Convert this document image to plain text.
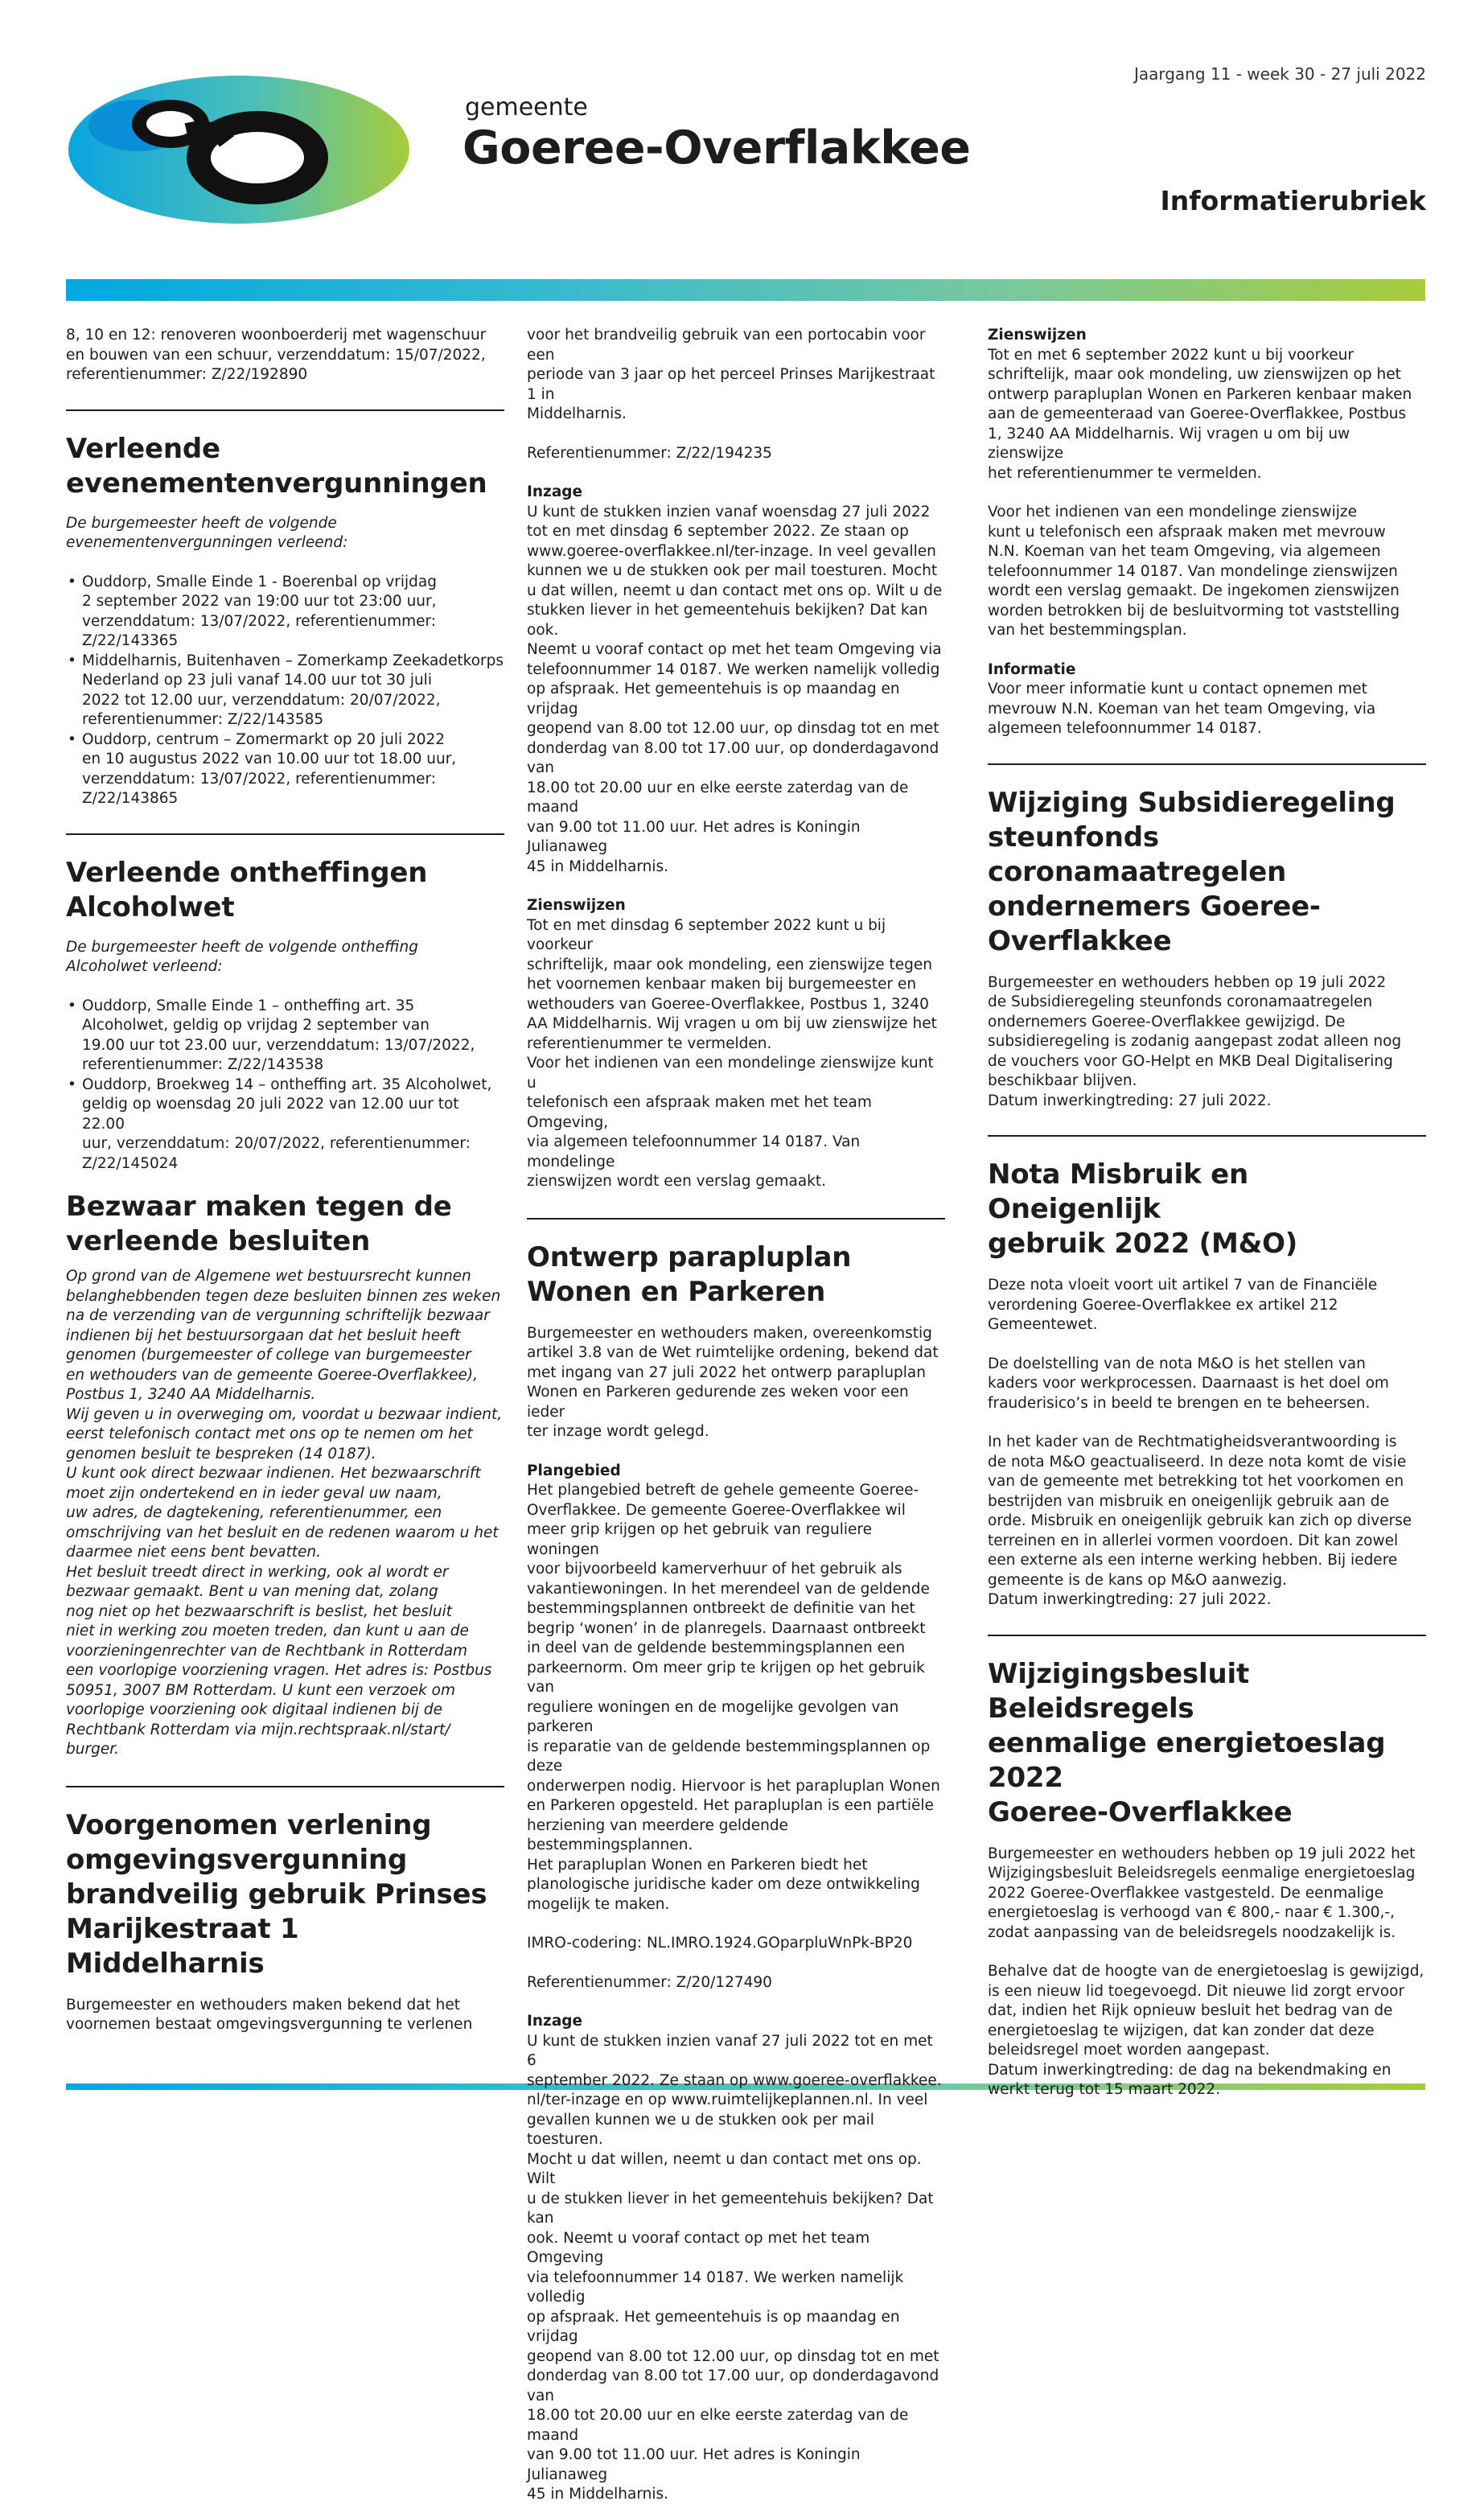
gemeente
Goeree-Overflakkee
Jaargang 11 - week 30 - 27 juli 2022
Informatierubriek

8, 10 en 12: renoveren woonboerderij met wagenschuur

en bouwen van een schuur, verzenddatum: 15/07/2022,

referentienummer: Z/22/192890

Verleende
evenementenvergunningen

De burgemeester heeft de volgende

evenementenvergunningen verleend:

• Ouddorp, Smalle Einde 1 - Boerenbal op vrijdag
2 september 2022 van 19:00 uur tot 23:00 uur,
verzenddatum: 13/07/2022, referentienummer:
Z/22/143365
• Middelharnis, Buitenhaven – Zomerkamp Zeekadetkorps
Nederland op 23 juli vanaf 14.00 uur tot 30 juli
2022 tot 12.00 uur, verzenddatum: 20/07/2022,
referentienummer: Z/22/143585
• Ouddorp, centrum – Zomermarkt op 20 juli 2022
en 10 augustus 2022 van 10.00 uur tot 18.00 uur,
verzenddatum: 13/07/2022, referentienummer:
Z/22/143865
Verleende ontheffingen
Alcoholwet

De burgemeester heeft de volgende ontheffing

Alcoholwet verleend:

• Ouddorp, Smalle Einde 1 – ontheffing art. 35
Alcoholwet, geldig op vrijdag 2 september van
19.00 uur tot 23.00 uur, verzenddatum: 13/07/2022,
referentienummer: Z/22/143538
• Ouddorp, Broekweg 14 – ontheffing art. 35 Alcoholwet,
geldig op woensdag 20 juli 2022 van 12.00 uur tot 22.00
uur, verzenddatum: 20/07/2022, referentienummer:
Z/22/145024
Bezwaar maken tegen de
verleende besluiten

Op grond van de Algemene wet bestuursrecht kunnen

belanghebbenden tegen deze besluiten binnen zes weken

na de verzending van de vergunning schriftelijk bezwaar

indienen bij het bestuursorgaan dat het besluit heeft

genomen (burgemeester of college van burgemeester

en wethouders van de gemeente Goeree-Overflakkee),

Postbus 1, 3240 AA Middelharnis.

Wij geven u in overweging om, voordat u bezwaar indient,

eerst telefonisch contact met ons op te nemen om het

genomen besluit te bespreken (14 0187).

U kunt ook direct bezwaar indienen. Het bezwaarschrift

moet zijn ondertekend en in ieder geval uw naam,

uw adres, de dagtekening, referentienummer, een

omschrijving van het besluit en de redenen waarom u het

daarmee niet eens bent bevatten.

Het besluit treedt direct in werking, ook al wordt er

bezwaar gemaakt. Bent u van mening dat, zolang

nog niet op het bezwaarschrift is beslist, het besluit

niet in werking zou moeten treden, dan kunt u aan de

voorzieningenrechter van de Rechtbank in Rotterdam

een voorlopige voorziening vragen. Het adres is: Postbus

50951, 3007 BM Rotterdam. U kunt een verzoek om

voorlopige voorziening ook digitaal indienen bij de

Rechtbank Rotterdam via mijn.rechtspraak.nl/start/

burger.

Voorgenomen verlening
omgevingsvergunning
brandveilig gebruik Prinses
Marijkestraat 1 Middelharnis

Burgemeester en wethouders maken bekend dat het

voornemen bestaat omgevingsvergunning te verlenen

voor het brandveilig gebruik van een portocabin voor een

periode van 3 jaar op het perceel Prinses Marijkestraat 1 in

Middelharnis.

Referentienummer: Z/22/194235

Inzage

U kunt de stukken inzien vanaf woensdag 27 juli 2022

tot en met dinsdag 6 september 2022. Ze staan op

www.goeree-overflakkee.nl/ter-inzage. In veel gevallen

kunnen we u de stukken ook per mail toesturen. Mocht

u dat willen, neemt u dan contact met ons op. Wilt u de

stukken liever in het gemeentehuis bekijken? Dat kan ook.

Neemt u vooraf contact op met het team Omgeving via

telefoonnummer 14 0187. We werken namelijk volledig

op afspraak. Het gemeentehuis is op maandag en vrijdag

geopend van 8.00 tot 12.00 uur, op dinsdag tot en met

donderdag van 8.00 tot 17.00 uur, op donderdagavond van

18.00 tot 20.00 uur en elke eerste zaterdag van de maand

van 9.00 tot 11.00 uur. Het adres is Koningin Julianaweg

45 in Middelharnis.

Zienswijzen

Tot en met dinsdag 6 september 2022 kunt u bij voorkeur

schriftelijk, maar ook mondeling, een zienswijze tegen

het voornemen kenbaar maken bij burgemeester en

wethouders van Goeree-Overflakkee, Postbus 1, 3240

AA Middelharnis. Wij vragen u om bij uw zienswijze het

referentienummer te vermelden.

Voor het indienen van een mondelinge zienswijze kunt u

telefonisch een afspraak maken met het team Omgeving,

via algemeen telefoonnummer 14 0187. Van mondelinge

zienswijzen wordt een verslag gemaakt.

Ontwerp parapluplan
Wonen en Parkeren

Burgemeester en wethouders maken, overeenkomstig

artikel 3.8 van de Wet ruimtelijke ordening, bekend dat

met ingang van 27 juli 2022 het ontwerp parapluplan

Wonen en Parkeren gedurende zes weken voor een ieder

ter inzage wordt gelegd.

Plangebied

Het plangebied betreft de gehele gemeente Goeree-

Overflakkee. De gemeente Goeree-Overflakkee wil

meer grip krijgen op het gebruik van reguliere woningen

voor bijvoorbeeld kamerverhuur of het gebruik als

vakantiewoningen. In het merendeel van de geldende

bestemmingsplannen ontbreekt de definitie van het

begrip ‘wonen’ in de planregels. Daarnaast ontbreekt

in deel van de geldende bestemmingsplannen een

parkeernorm. Om meer grip te krijgen op het gebruik van

reguliere woningen en de mogelijke gevolgen van parkeren

is reparatie van de geldende bestemmingsplannen op deze

onderwerpen nodig. Hiervoor is het parapluplan Wonen

en Parkeren opgesteld. Het parapluplan is een partiële

herziening van meerdere geldende bestemmingsplannen.

Het parapluplan Wonen en Parkeren biedt het

planologische juridische kader om deze ontwikkeling

mogelijk te maken.

IMRO-codering: NL.IMRO.1924.GOparpluWnPk-BP20

Referentienummer: Z/20/127490

Inzage

U kunt de stukken inzien vanaf 27 juli 2022 tot en met 6

september 2022. Ze staan op www.goeree-overflakkee.

nl/ter-inzage en op www.ruimtelijkeplannen.nl. In veel

gevallen kunnen we u de stukken ook per mail toesturen.

Mocht u dat willen, neemt u dan contact met ons op. Wilt

u de stukken liever in het gemeentehuis bekijken? Dat kan

ook. Neemt u vooraf contact op met het team Omgeving

via telefoonnummer 14 0187. We werken namelijk volledig

op afspraak. Het gemeentehuis is op maandag en vrijdag

geopend van 8.00 tot 12.00 uur, op dinsdag tot en met

donderdag van 8.00 tot 17.00 uur, op donderdagavond van

18.00 tot 20.00 uur en elke eerste zaterdag van de maand

van 9.00 tot 11.00 uur. Het adres is Koningin Julianaweg

45 in Middelharnis.

Zienswijzen

Tot en met 6 september 2022 kunt u bij voorkeur

schriftelijk, maar ook mondeling, uw zienswijzen op het

ontwerp parapluplan Wonen en Parkeren kenbaar maken

aan de gemeenteraad van Goeree-Overflakkee, Postbus

1, 3240 AA Middelharnis. Wij vragen u om bij uw zienswijze

het referentienummer te vermelden.

Voor het indienen van een mondelinge zienswijze

kunt u telefonisch een afspraak maken met mevrouw

N.N. Koeman van het team Omgeving, via algemeen

telefoonnummer 14 0187. Van mondelinge zienswijzen

wordt een verslag gemaakt. De ingekomen zienswijzen

worden betrokken bij de besluitvorming tot vaststelling

van het bestemmingsplan.

Informatie

Voor meer informatie kunt u contact opnemen met

mevrouw N.N. Koeman van het team Omgeving, via

algemeen telefoonnummer 14 0187.

Wijziging Subsidieregeling
steunfonds coronamaatregelen
ondernemers Goeree-
Overflakkee

Burgemeester en wethouders hebben op 19 juli 2022

de Subsidieregeling steunfonds coronamaatregelen

ondernemers Goeree-Overflakkee gewijzigd. De

subsidieregeling is zodanig aangepast zodat alleen nog

de vouchers voor GO-Helpt en MKB Deal Digitalisering

beschikbaar blijven.

Datum inwerkingtreding: 27 juli 2022.

Nota Misbruik en Oneigenlijk
gebruik 2022 (M&O)

Deze nota vloeit voort uit artikel 7 van de Financiële

verordening Goeree-Overflakkee ex artikel 212

Gemeentewet.

De doelstelling van de nota M&O is het stellen van

kaders voor werkprocessen. Daarnaast is het doel om

frauderisico’s in beeld te brengen en te beheersen.

In het kader van de Rechtmatigheidsverantwoording is

de nota M&O geactualiseerd. In deze nota komt de visie

van de gemeente met betrekking tot het voorkomen en

bestrijden van misbruik en oneigenlijk gebruik aan de

orde. Misbruik en oneigenlijk gebruik kan zich op diverse

terreinen en in allerlei vormen voordoen. Dit kan zowel

een externe als een interne werking hebben. Bij iedere

gemeente is de kans op M&O aanwezig.

Datum inwerkingtreding: 27 juli 2022.

Wijzigingsbesluit Beleidsregels
eenmalige energietoeslag 2022
Goeree-Overflakkee

Burgemeester en wethouders hebben op 19 juli 2022 het

Wijzigingsbesluit Beleidsregels eenmalige energietoeslag

2022 Goeree-Overflakkee vastgesteld. De eenmalige

energietoeslag is verhoogd van € 800,- naar € 1.300,-,

zodat aanpassing van de beleidsregels noodzakelijk is.

Behalve dat de hoogte van de energietoeslag is gewijzigd,

is een nieuw lid toegevoegd. Dit nieuwe lid zorgt ervoor

dat, indien het Rijk opnieuw besluit het bedrag van de

energietoeslag te wijzigen, dat kan zonder dat deze

beleidsregel moet worden aangepast.

Datum inwerkingtreding: de dag na bekendmaking en

werkt terug tot 15 maart 2022.
